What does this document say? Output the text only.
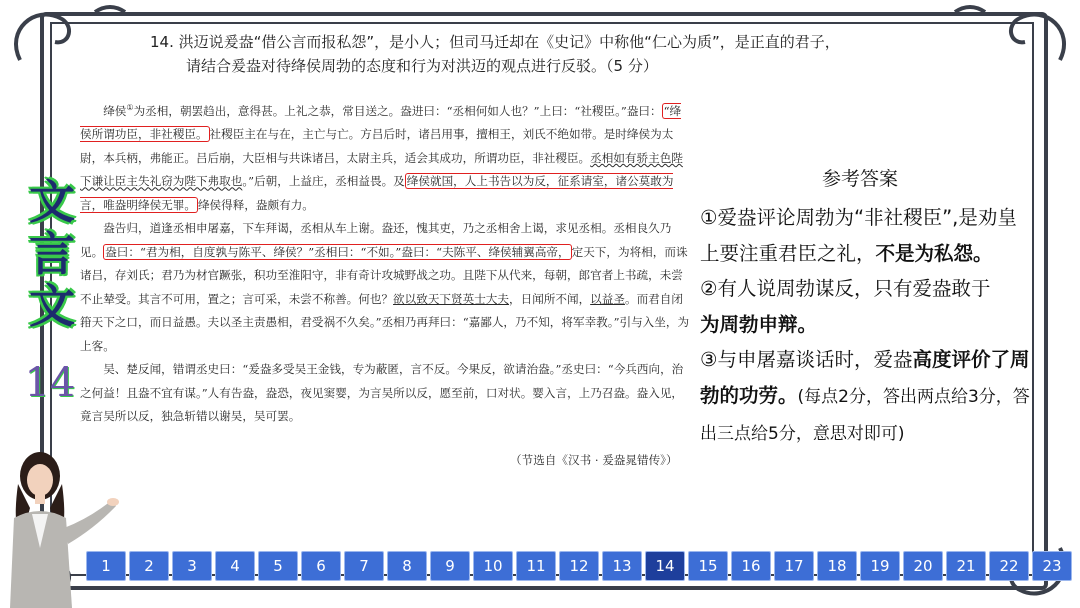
14. 洪迈说爰盎“借公言而报私怨”，是小人；但司马迁却在《史记》中称他“仁心为质”，是正直的君子，
请结合爰盎对待绛侯周勃的态度和行为对洪迈的观点进行反驳。（5 分）
文
言
文
14

绛侯①为丞相，朝罢趋出，意得甚。上礼之恭，常目送之。盎进曰：“丞相何如人也？”上曰：“社稷臣。”盎曰： “绛侯所谓功臣，非社稷臣。 社稷臣主在与在，主亡与亡。方吕后时，诸吕用事，擅相王，刘氏不绝如带。是时绛侯为太尉，本兵柄，弗能正。吕后崩，大臣相与共诛诸吕，太尉主兵，适会其成功，所谓功臣，非社稷臣。丞相如有骄主色陛下谦让臣主失礼窃为陛下弗取也。”后朝，上益庄，丞相益畏。及 绛侯就国，人上书告以为反，征系请室，诸公莫敢为言，唯盎明绛侯无罪。 绛侯得释，盎颇有力。

盎告归，道逢丞相申屠嘉，下车拜谒，丞相从车上谢。盎还，愧其吏，乃之丞相舍上谒，求见丞相。丞相良久乃见。 盎曰：“君为相，自度孰与陈平、绛侯？”丞相曰：“不如。”盎曰：“夫陈平、绛侯辅翼高帝， 定天下，为将相，而诛诸吕，存刘氏；君乃为材官蹶张，积功至淮阳守，非有奇计攻城野战之功。且陛下从代来，每朝，郎官者上书疏，未尝不止辇受。其言不可用，置之；言可采，未尝不称善。何也？欲以致天下贤英士大夫，日闻所不闻，以益圣。而君自闭箝天下之口，而日益愚。夫以圣主责愚相，君受祸不久矣。”丞相乃再拜曰：“嘉鄙人，乃不知，将军幸教。”引与入坐，为上客。

吴、楚反闻，错谓丞史曰：“爰盎多受吴王金钱，专为蔽匿，言不反。今果反，欲请治盎。”丞史曰：“今兵西向，治之何益！且盎不宜有谋。”人有告盎，盎恐，夜见窦婴，为言吴所以反，愿至前，口对状。婴入言，上乃召盎。盎入见，竟言吴所以反，独急斩错以谢吴，吴可罢。

（节选自《汉书 · 爰盎晁错传》）
参考答案
①爱盎评论周勃为“非社稷臣”,是劝皇上要注重君臣之礼，不是为私怨。
②有人说周勃谋反，只有爱盎敢于
为周勃申辩。
③与申屠嘉谈话时，爱盎高度评价了周勃的功劳。(每点2分，答出两点给3分，答出三点给5分，意思对即可)
1	2	3	4	5	6	7	8	9	10	11	12	13	14	15	16	17	18	19	20	21	22	23
